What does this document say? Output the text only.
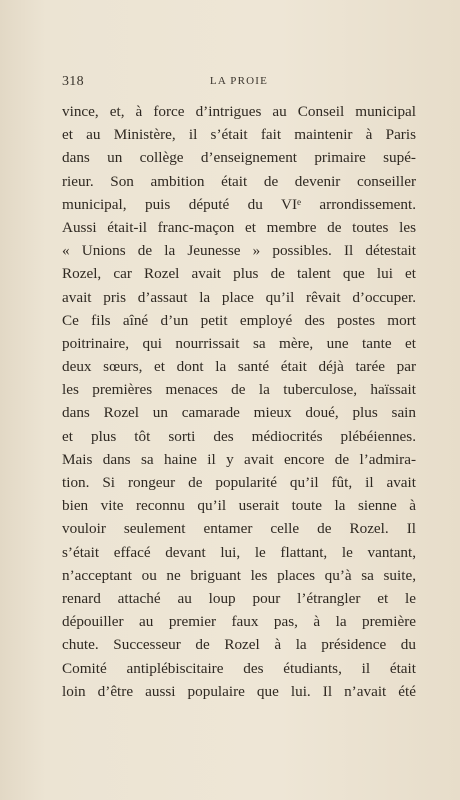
318	LA PROIE
vince, et, à force d’intrigues au Conseil municipal
et au Ministère, il s’était fait maintenir à Paris
dans un collège d’enseignement primaire supé-
rieur. Son ambition était de devenir conseiller
municipal, puis député du VIᵉ arrondissement.
Aussi était-il franc-maçon et membre de toutes les
« Unions de la Jeunesse » possibles. Il détestait
Rozel, car Rozel avait plus de talent que lui et
avait pris d’assaut la place qu’il rêvait d’occuper.
Ce fils aîné d’un petit employé des postes mort
poitrinaire, qui nourrissait sa mère, une tante et
deux sœurs, et dont la santé était déjà tarée par
les premières menaces de la tuberculose, haïssait
dans Rozel un camarade mieux doué, plus sain
et plus tôt sorti des médiocrités plébéiennes.
Mais dans sa haine il y avait encore de l’admira-
tion. Si rongeur de popularité qu’il fût, il avait
bien vite reconnu qu’il userait toute la sienne à
vouloir seulement entamer celle de Rozel. Il
s’était effacé devant lui, le flattant, le vantant,
n’acceptant ou ne briguant les places qu’à sa suite,
renard attaché au loup pour l’étrangler et le
dépouiller au premier faux pas, à la première
chute. Successeur de Rozel à la présidence du
Comité antiplébiscitaire des étudiants, il était
loin d’être aussi populaire que lui. Il n’avait été
